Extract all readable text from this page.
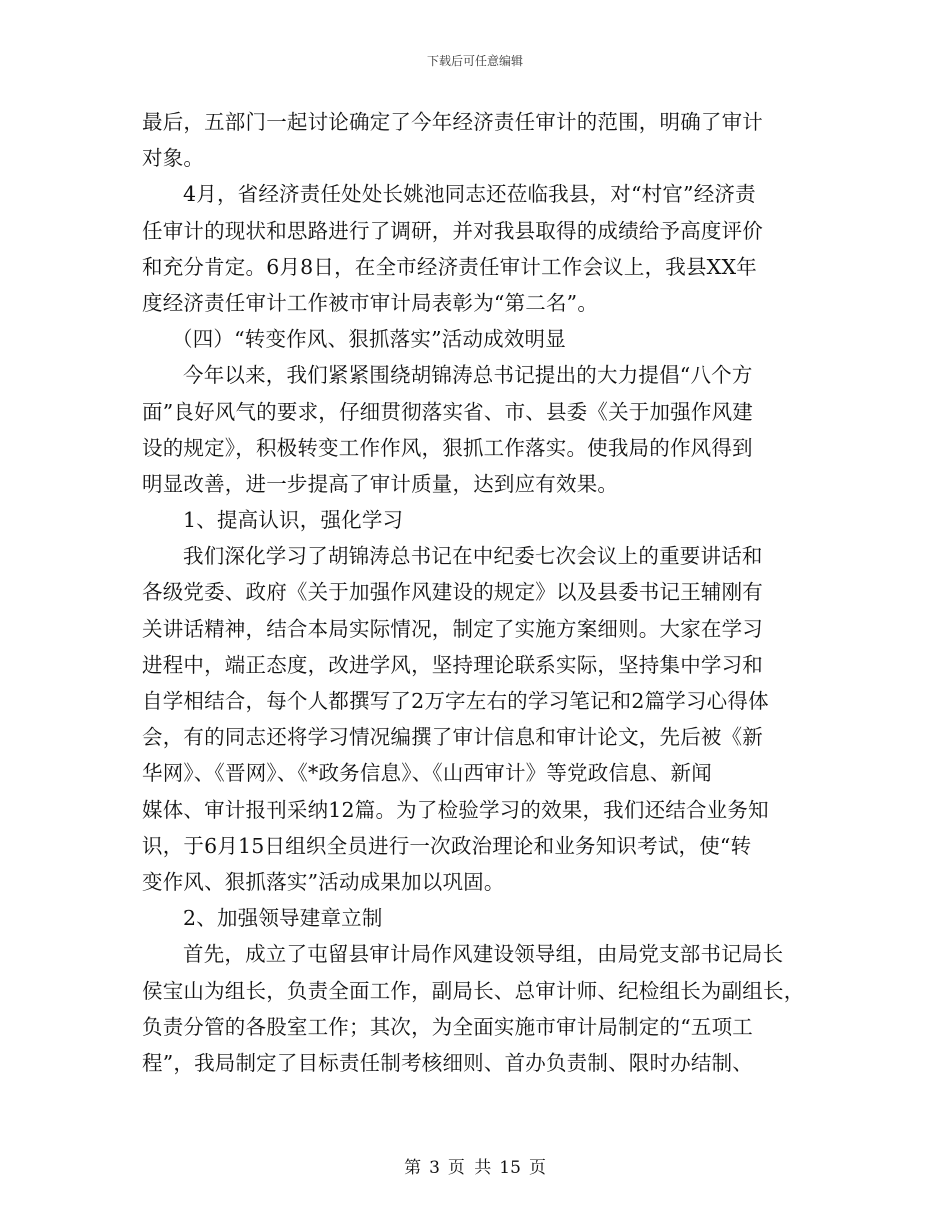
下载后可任意编辑
最后，五部门一起讨论确定了今年经济责任审计的范围，明确了审计
对象。
4月，省经济责任处处长姚池同志还莅临我县，对“村官”经济责
任审计的现状和思路进行了调研，并对我县取得的成绩给予高度评价
和充分肯定。6月8日，在全市经济责任审计工作会议上，我县XX年
度经济责任审计工作被市审计局表彰为“第二名”。
（四）“转变作风、狠抓落实”活动成效明显
今年以来，我们紧紧围绕胡锦涛总书记提出的大力提倡“八个方
面”良好风气的要求，仔细贯彻落实省、市、县委《关于加强作风建
设的规定》，积极转变工作作风，狠抓工作落实。使我局的作风得到
明显改善，进一步提高了审计质量，达到应有效果。
1、提高认识，强化学习
我们深化学习了胡锦涛总书记在中纪委七次会议上的重要讲话和
各级党委、政府《关于加强作风建设的规定》以及县委书记王辅刚有
关讲话精神，结合本局实际情况，制定了实施方案细则。大家在学习
进程中，端正态度，改进学风，坚持理论联系实际，坚持集中学习和
自学相结合，每个人都撰写了2万字左右的学习笔记和2篇学习心得体
会，有的同志还将学习情况编撰了审计信息和审计论文，先后被《新
华网》、《晋网》、《*政务信息》、《山西审计》等党政信息、新闻
媒体、审计报刊采纳12篇。为了检验学习的效果，我们还结合业务知
识，于6月15日组织全员进行一次政治理论和业务知识考试，使“转
变作风、狠抓落实”活动成果加以巩固。
2、加强领导建章立制
首先，成立了屯留县审计局作风建设领导组，由局党支部书记局长
侯宝山为组长，负责全面工作，副局长、总审计师、纪检组长为副组长，
负责分管的各股室工作；其次，为全面实施市审计局制定的“五项工
程”，我局制定了目标责任制考核细则、首办负责制、限时办结制、
第 3 页 共 15 页
